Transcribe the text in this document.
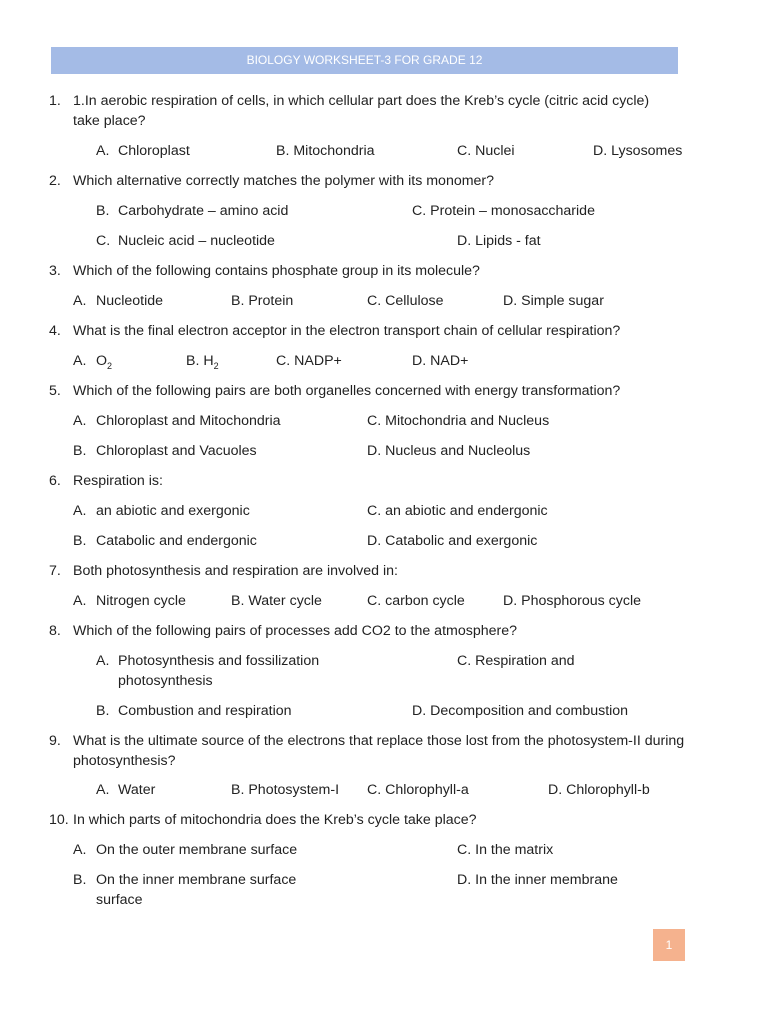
BIOLOGY WORKSHEET-3 FOR GRADE 12
1. 1.In aerobic respiration of cells, in which cellular part does the Kreb’s cycle (citric acid cycle)
take place?
A. Chloroplast	B. Mitochondria	C. Nuclei	D. Lysosomes
2. Which alternative correctly matches the polymer with its monomer?
B. Carbohydrate – amino acid	C. Protein – monosaccharide
C. Nucleic acid – nucleotide	D. Lipids - fat
3. Which of the following contains phosphate group in its molecule?
A. Nucleotide	B. Protein	C. Cellulose	D. Simple sugar
4. What is the final electron acceptor in the electron transport chain of cellular respiration?
A. $O_2$	B. $H_2$	C. NADP+	D. NAD+
5. Which of the following pairs are both organelles concerned with energy transformation?
A. Chloroplast and Mitochondria	C. Mitochondria and Nucleus
B. Chloroplast and Vacuoles	D. Nucleus and Nucleolus
6. Respiration is:
A. an abiotic and exergonic	C. an abiotic and endergonic
B. Catabolic and endergonic	D. Catabolic and exergonic
7. Both photosynthesis and respiration are involved in:
A. Nitrogen cycle	B. Water cycle	C. carbon cycle	D. Phosphorous cycle
8. Which of the following pairs of processes add CO2 to the atmosphere?
A. Photosynthesis and fossilization	C. Respiration and
photosynthesis
B. Combustion and respiration	D. Decomposition and combustion
9. What is the ultimate source of the electrons that replace those lost from the photosystem-II during
photosynthesis?
A. Water	B. Photosystem-I C. Chlorophyll-a	D. Chlorophyll-b
10. In which parts of mitochondria does the Kreb’s cycle take place?
A. On the outer membrane surface	C. In the matrix
B. On the inner membrane surface	D. In the inner membrane
surface
1
